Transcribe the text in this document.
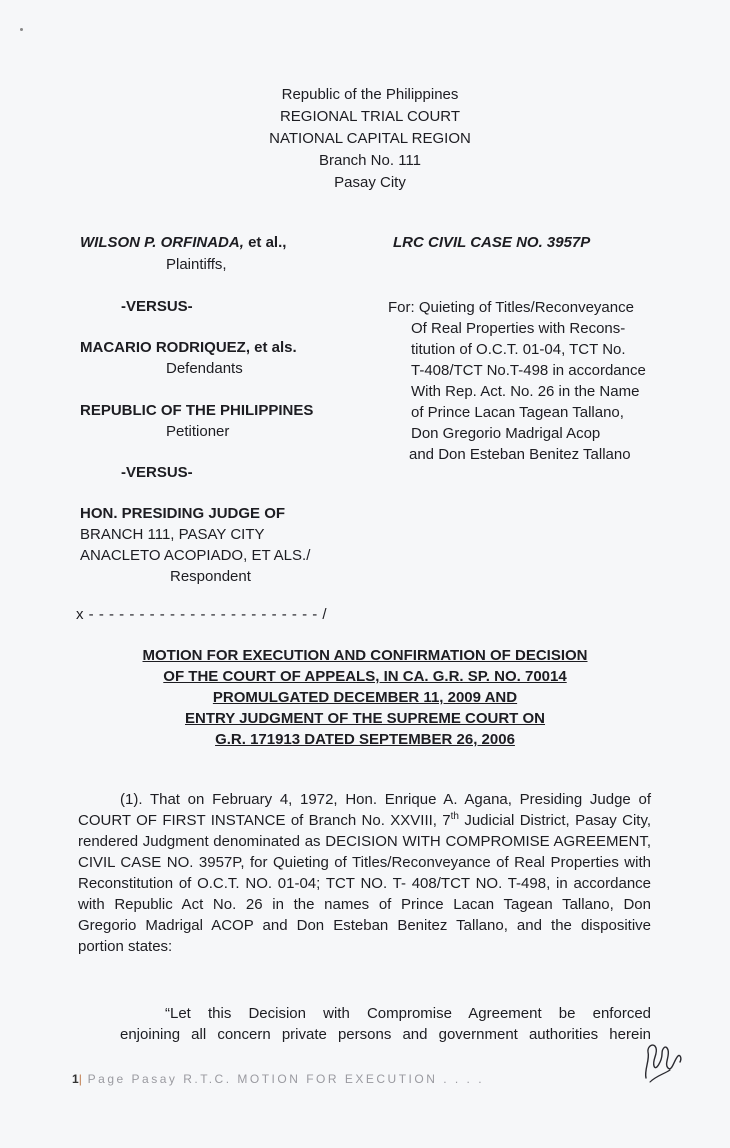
Republic of the Philippines
REGIONAL TRIAL COURT
NATIONAL CAPITAL REGION
Branch No. 111
Pasay City
WILSON P. ORFINADA, et al.,
Plaintiffs,
-VERSUS-
MACARIO RODRIQUEZ, et als.
Defendants
REPUBLIC OF THE PHILIPPINES
Petitioner
-VERSUS-
HON. PRESIDING JUDGE OF
BRANCH 111, PASAY CITY
ANACLETO ACOPIADO, ET ALS./
Respondent
x - - - - - - - - - - - - - - - - - - - - - - - /
LRC CIVIL CASE NO. 3957P
For: Quieting of Titles/Reconveyance
Of Real Properties with Recons-
titution of O.C.T. 01-04, TCT No.
T-408/TCT No.T-498 in accordance
With Rep. Act. No. 26 in the Name
of Prince Lacan Tagean Tallano,
Don Gregorio Madrigal Acop
and Don Esteban Benitez Tallano
MOTION FOR EXECUTION AND CONFIRMATION OF DECISION
OF THE COURT OF APPEALS, IN CA. G.R. SP. NO. 70014
PROMULGATED DECEMBER 11, 2009 AND
ENTRY JUDGMENT OF THE SUPREME COURT ON
G.R. 171913 DATED SEPTEMBER 26, 2006
(1). That on February 4, 1972, Hon. Enrique A. Agana, Presiding Judge of
COURT OF FIRST INSTANCE of Branch No. XXVIII, 7th Judicial District, Pasay City,
rendered Judgment denominated as DECISION WITH COMPROMISE AGREEMENT,
CIVIL CASE NO. 3957P, for Quieting of Titles/Reconveyance of Real Properties with
Reconstitution of O.C.T. NO. 01-04; TCT NO. T- 408/TCT NO. T-498, in accordance
with Republic Act No. 26 in the names of Prince Lacan Tagean Tallano, Don
Gregorio Madrigal ACOP and Don Esteban Benitez Tallano, and the dispositive
portion states:
“Let this Decision with Compromise Agreement be enforced
enjoining all concern private persons and government authorities herein
1| Page Pasay R.T.C. MOTION FOR EXECUTION . . . .
